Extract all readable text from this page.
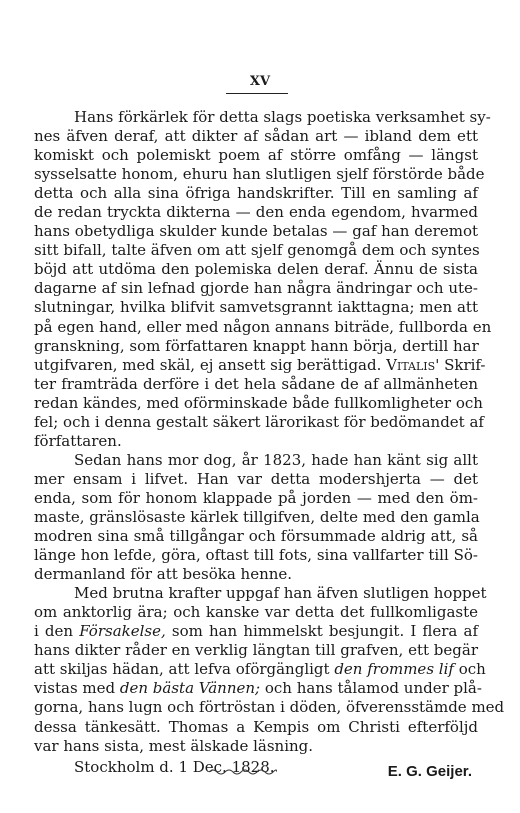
XV
Hans förkärlek för detta slags poetiska verksamhet sy-
nes äfven deraf, att dikter af sådan art — ibland dem ett
komiskt och polemiskt poem af större omfång — längst
sysselsatte honom, ehuru han slutligen sjelf förstörde både
detta och alla sina öfriga handskrifter. Till en samling af
de redan tryckta dikterna — den enda egendom, hvarmed
hans obetydliga skulder kunde betalas — gaf han deremot
sitt bifall, talte äfven om att sjelf genomgå dem och syntes
böjd att utdöma den polemiska delen deraf. Ännu de sista
dagarne af sin lefnad gjorde han några ändringar och ute-
slutningar, hvilka blifvit samvetsgrannt iakttagna; men att
på egen hand, eller med någon annans biträde, fullborda en
granskning, som författaren knappt hann börja, dertill har
utgifvaren, med skäl, ej ansett sig berättigad. Vitalis' Skrif-
ter framträda derföre i det hela sådane de af allmänheten
redan kändes, med oförminskade både fullkomligheter och
fel; och i denna gestalt säkert lärorikast för bedömandet af
författaren.
Sedan hans mor dog, år 1823, hade han känt sig allt
mer ensam i lifvet. Han var detta modershjerta — det
enda, som för honom klappade på jorden — med den öm-
maste, gränslösaste kärlek tillgifven, delte med den gamla
modren sina små tillgångar och försummade aldrig att, så
länge hon lefde, göra, oftast till fots, sina vallfarter till Sö-
dermanland för att besöka henne.
Med brutna krafter uppgaf han äfven slutligen hoppet
om anktorlig ära; och kanske var detta det fullkomligaste
i den Försakelse, som han himmelskt besjungit. I flera af
hans dikter råder en verklig längtan till grafven, ett begär
att skiljas hädan, att lefva oförgängligt den frommes lif och
vistas med den bästa Vännen; och hans tålamod under plå-
gorna, hans lugn och förtröstan i döden, öfverensstämde med
dessa tänkesätt. Thomas a Kempis om Christi efterföljd
var hans sista, mest älskade läsning.
Stockholm d. 1 Dec. 1828.	E. G. Geijer.
